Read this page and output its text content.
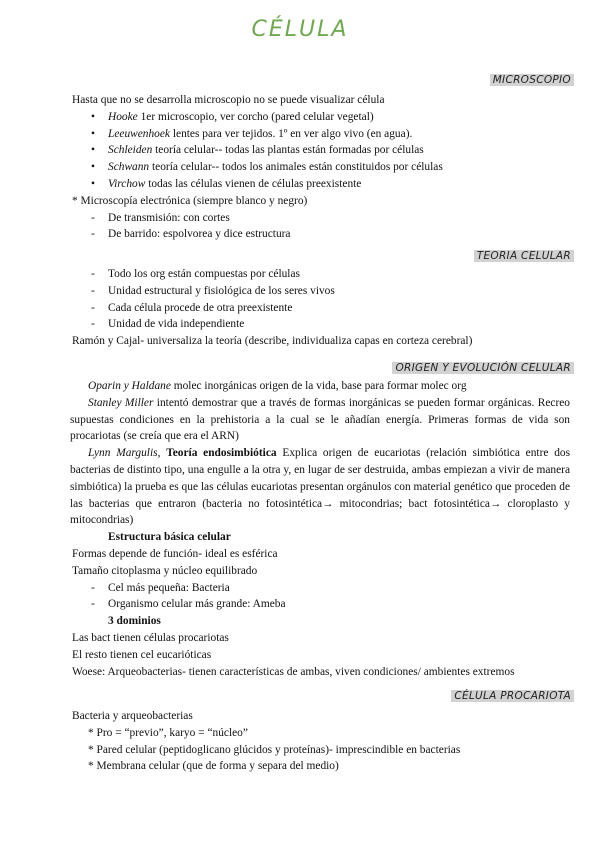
CÉLULA
MICROSCOPIO
Hasta que no se desarrolla microscopio no se puede visualizar célula
• Hooke 1er microscopio, ver corcho (pared celular vegetal)
• Leeuwenhoek lentes para ver tejidos. 1º en ver algo vivo (en agua).
• Schleiden teoría celular-- todas las plantas están formadas por células
• Schwann teoría celular-- todos los animales están constituidos por células
• Virchow todas las células vienen de células preexistente
* Microscopía electrónica (siempre blanco y negro)
- De transmisión: con cortes
- De barrido: espolvorea y dice estructura
TEORIA CELULAR
- Todo los org están compuestas por células
- Unidad estructural y fisiológica de los seres vivos
- Cada célula procede de otra preexistente
- Unidad de vida independiente
Ramón y Cajal- universaliza la teoría (describe, individualiza capas en corteza cerebral)
ORIGEN Y EVOLUCIÓN CELULAR
Oparin y Haldane molec inorgánicas origen de la vida, base para formar molec org
Stanley Miller intentó demostrar que a través de formas inorgánicas se pueden formar orgánicas. Recreo supuestas condiciones en la prehistoria a la cual se le añadían energía. Primeras formas de vida son procariotas (se creía que era el ARN)
Lynn Margulis, Teoría endosimbiótica Explica origen de eucariotas (relación simbiótica entre dos bacterias de distinto tipo, una engulle a la otra y, en lugar de ser destruida, ambas empiezan a vivir de manera simbiótica) la prueba es que las células eucariotas presentan orgánulos con material genético que proceden de las bacterias que entraron (bacteria no fotosintética→ mitocondrias; bact fotosintética→ cloroplasto y mitocondrias)
Estructura básica celular
Formas depende de función- ideal es esférica
Tamaño citoplasma y núcleo equilibrado
- Cel más pequeña: Bacteria
- Organismo celular más grande: Ameba
3 dominios
Las bact tienen células procariotas
El resto tienen cel eucarióticas
Woese: Arqueobacterias- tienen características de ambas, viven condiciones/ ambientes extremos
CÉLULA PROCARIOTA
Bacteria y arqueobacterias
* Pro = “previo”, karyo = “núcleo”
* Pared celular (peptidoglicano glúcidos y proteínas)- imprescindible en bacterias
* Membrana celular (que de forma y separa del medio)
